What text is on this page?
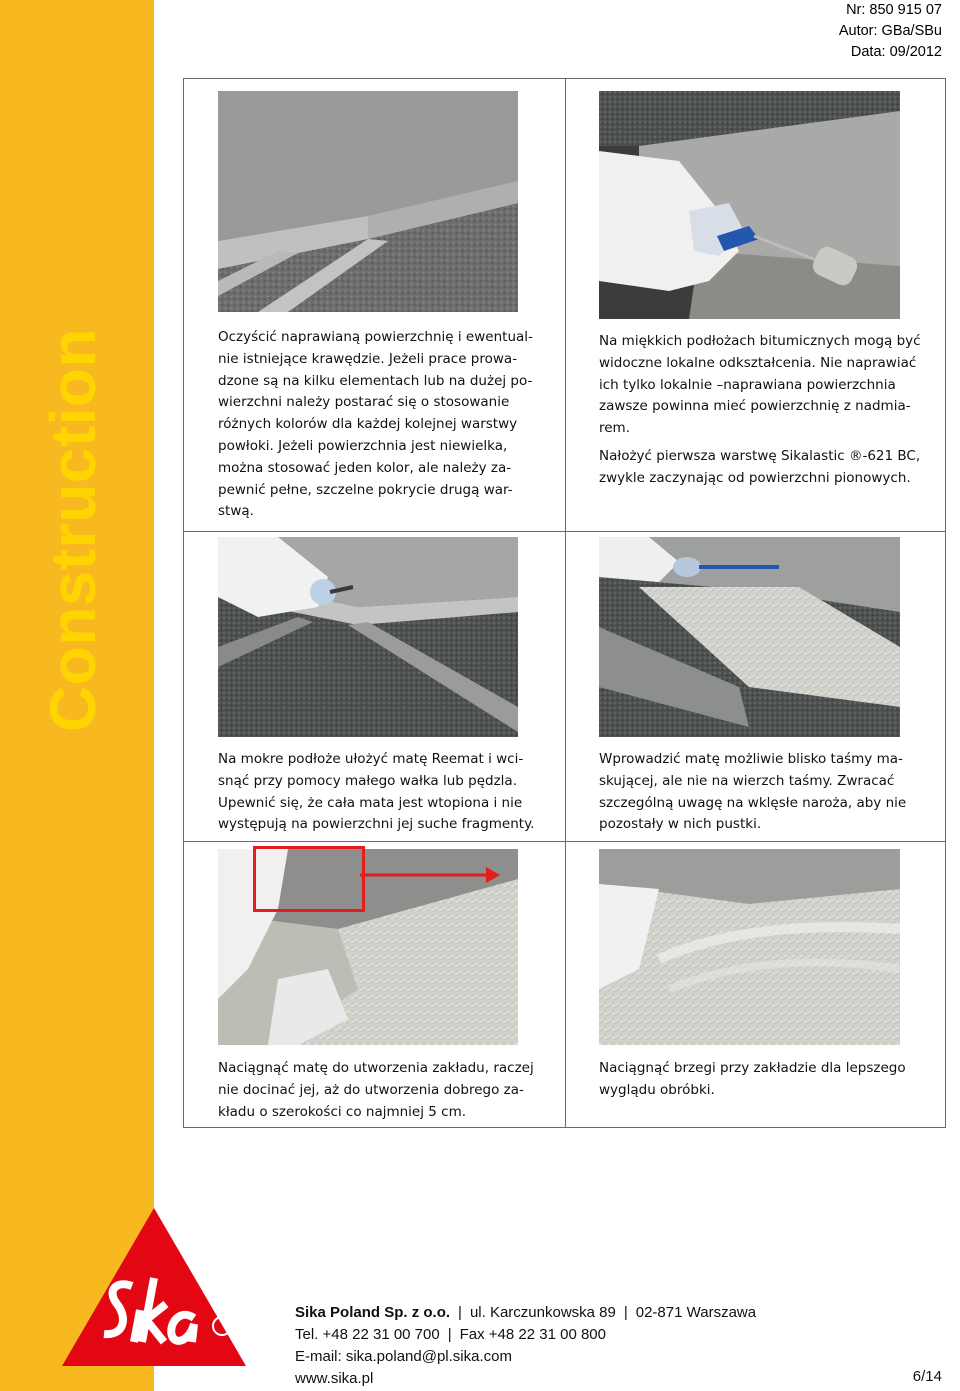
Construction
Nr: 850 915 07
Autor: GBa/SBu
Data: 09/2012
Oczyścić naprawianą powierzchnię i ewentual-
nie istniejące krawędzie. Jeżeli prace prowa-
dzone są na kilku elementach lub na dużej po-
wierzchni należy postarać się o stosowanie
różnych kolorów dla każdej kolejnej warstwy
powłoki. Jeżeli powierzchnia jest niewielka,
można stosować jeden kolor, ale należy za-
pewnić pełne, szczelne pokrycie drugą war-
stwą.
Na miękkich podłożach bitumicznych mogą być
widoczne lokalne odkształcenia. Nie naprawiać
ich tylko lokalnie –naprawiana powierzchnia
zawsze powinna mieć powierzchnię z nadmia-
rem.
Nałożyć pierwsza warstwę Sikalastic ®-621 BC,
zwykle zaczynając od powierzchni pionowych.
Na mokre podłoże ułożyć matę Reemat i wci-
snąć przy pomocy małego wałka lub pędzla.
Upewnić się, że cała mata jest wtopiona i nie
występują na powierzchni jej suche fragmenty.
Wprowadzić matę możliwie blisko taśmy ma-
skującej, ale nie na wierzch taśmy. Zwracać
szczególną uwagę na wklęsłe naroża, aby nie
pozostały w nich pustki.
Naciągnąć matę do utworzenia zakładu, raczej
nie docinać jej, aż do utworzenia dobrego za-
kładu o szerokości co najmniej 5 cm.
Naciągnąć brzegi przy zakładzie dla lepszego
wyglądu obróbki.
Sika Poland Sp. z o.o. | ul. Karczunkowska 89 | 02-871 Warszawa
Tel. +48 22 31 00 700 | Fax +48 22 31 00 800
E-mail: sika.poland@pl.sika.com
www.sika.pl	6/14
